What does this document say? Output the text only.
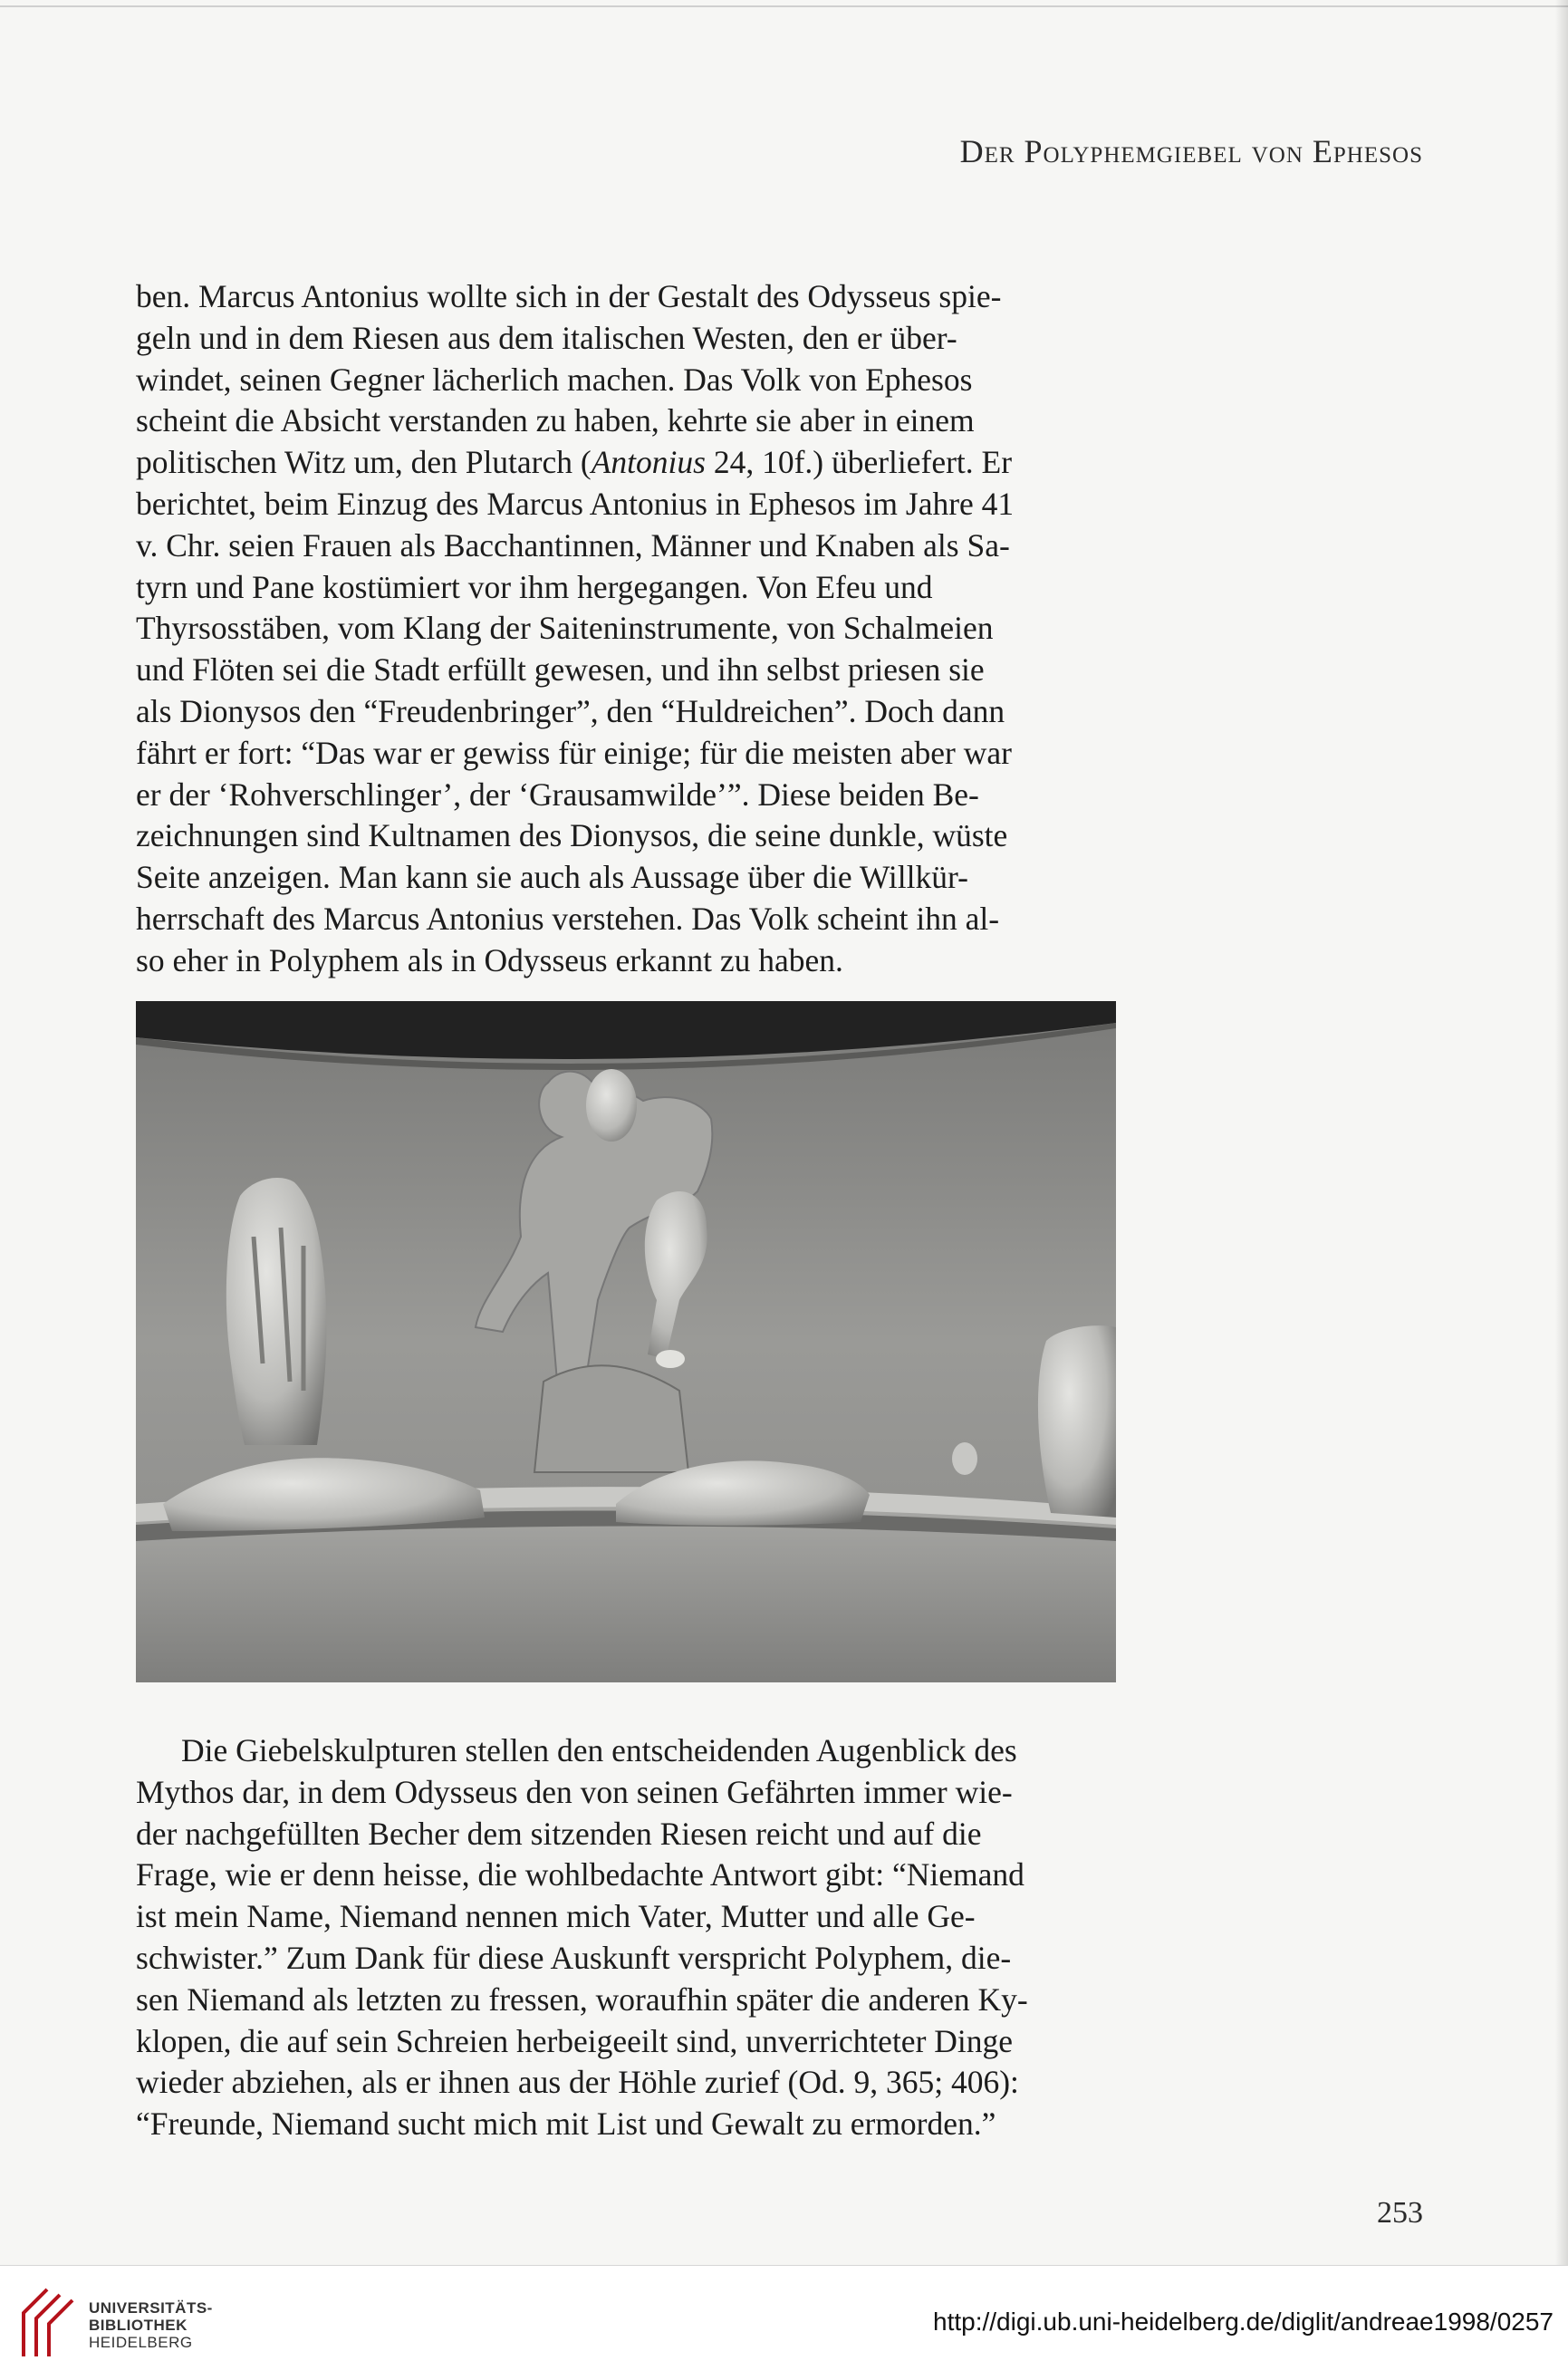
Der Polyphemgiebel von Ephesos

ben. Marcus Antonius wollte sich in der Gestalt des Odysseus spie-

geln und in dem Riesen aus dem italischen Westen, den er über-

windet, seinen Gegner lächerlich machen. Das Volk von Ephesos

scheint die Absicht verstanden zu haben, kehrte sie aber in einem

politischen Witz um, den Plutarch (Antonius 24, 10f.) überliefert. Er

berichtet, beim Einzug des Marcus Antonius in Ephesos im Jahre 41

v. Chr. seien Frauen als Bacchantinnen, Männer und Knaben als Sa-

tyrn und Pane kostümiert vor ihm hergegangen. Von Efeu und

Thyrsosstäben, vom Klang der Saiteninstrumente, von Schalmeien

und Flöten sei die Stadt erfüllt gewesen, und ihn selbst priesen sie

als Dionysos den “Freudenbringer”, den “Huldreichen”. Doch dann

fährt er fort: “Das war er gewiss für einige; für die meisten aber war

er der ‘Rohverschlinger’, der ‘Grausamwilde’”. Diese beiden Be-

zeichnungen sind Kultnamen des Dionysos, die seine dunkle, wüste

Seite anzeigen. Man kann sie auch als Aussage über die Willkür-

herrschaft des Marcus Antonius verstehen. Das Volk scheint ihn al-

so eher in Polyphem als in Odysseus erkannt zu haben.

Die Giebelskulpturen stellen den entscheidenden Augenblick des

Mythos dar, in dem Odysseus den von seinen Gefährten immer wie-

der nachgefüllten Becher dem sitzenden Riesen reicht und auf die

Frage, wie er denn heisse, die wohlbedachte Antwort gibt: “Niemand

ist mein Name, Niemand nennen mich Vater, Mutter und alle Ge-

schwister.” Zum Dank für diese Auskunft verspricht Polyphem, die-

sen Niemand als letzten zu fressen, woraufhin später die anderen Ky-

klopen, die auf sein Schreien herbeigeeilt sind, unverrichteter Dinge

wieder abziehen, als er ihnen aus der Höhle zurief (Od. 9, 365; 406):

“Freunde, Niemand sucht mich mit List und Gewalt zu ermorden.”

253
UNIVERSITÄTS-
BIBLIOTHEK
HEIDELBERG
http://digi.ub.uni-heidelberg.de/diglit/andreae1998/0257
